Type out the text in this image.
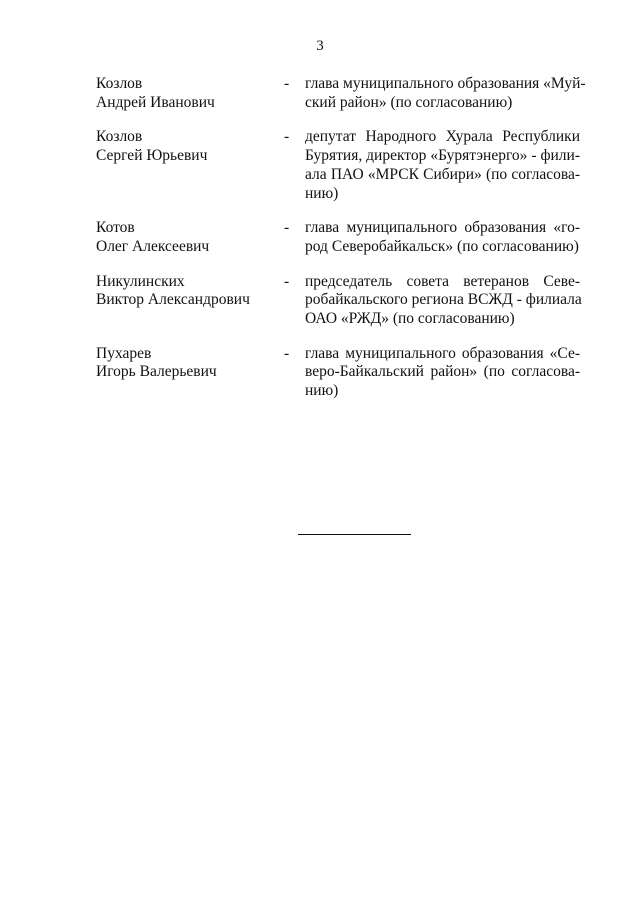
3
Козлов
Андрей Иванович
-	глава муниципального образования «Муй-
ский район» (по согласованию)
Козлов
Сергей Юрьевич
-	депутат Народного Хурала Республики
Бурятия, директор «Бурятэнерго» - фили-
ала ПАО «МРСК Сибири» (по согласова-
нию)
Котов
Олег Алексеевич
-	глава муниципального образования «го-
род Северобайкальск» (по согласованию)
Никулинских
Виктор Александрович
-	председатель совета ветеранов Севе-
робайкальского региона ВСЖД - филиала
ОАО «РЖД» (по согласованию)
Пухарев
Игорь Валерьевич
-	глава муниципального образования «Се-
веро-Байкальский район» (по согласова-
нию)
